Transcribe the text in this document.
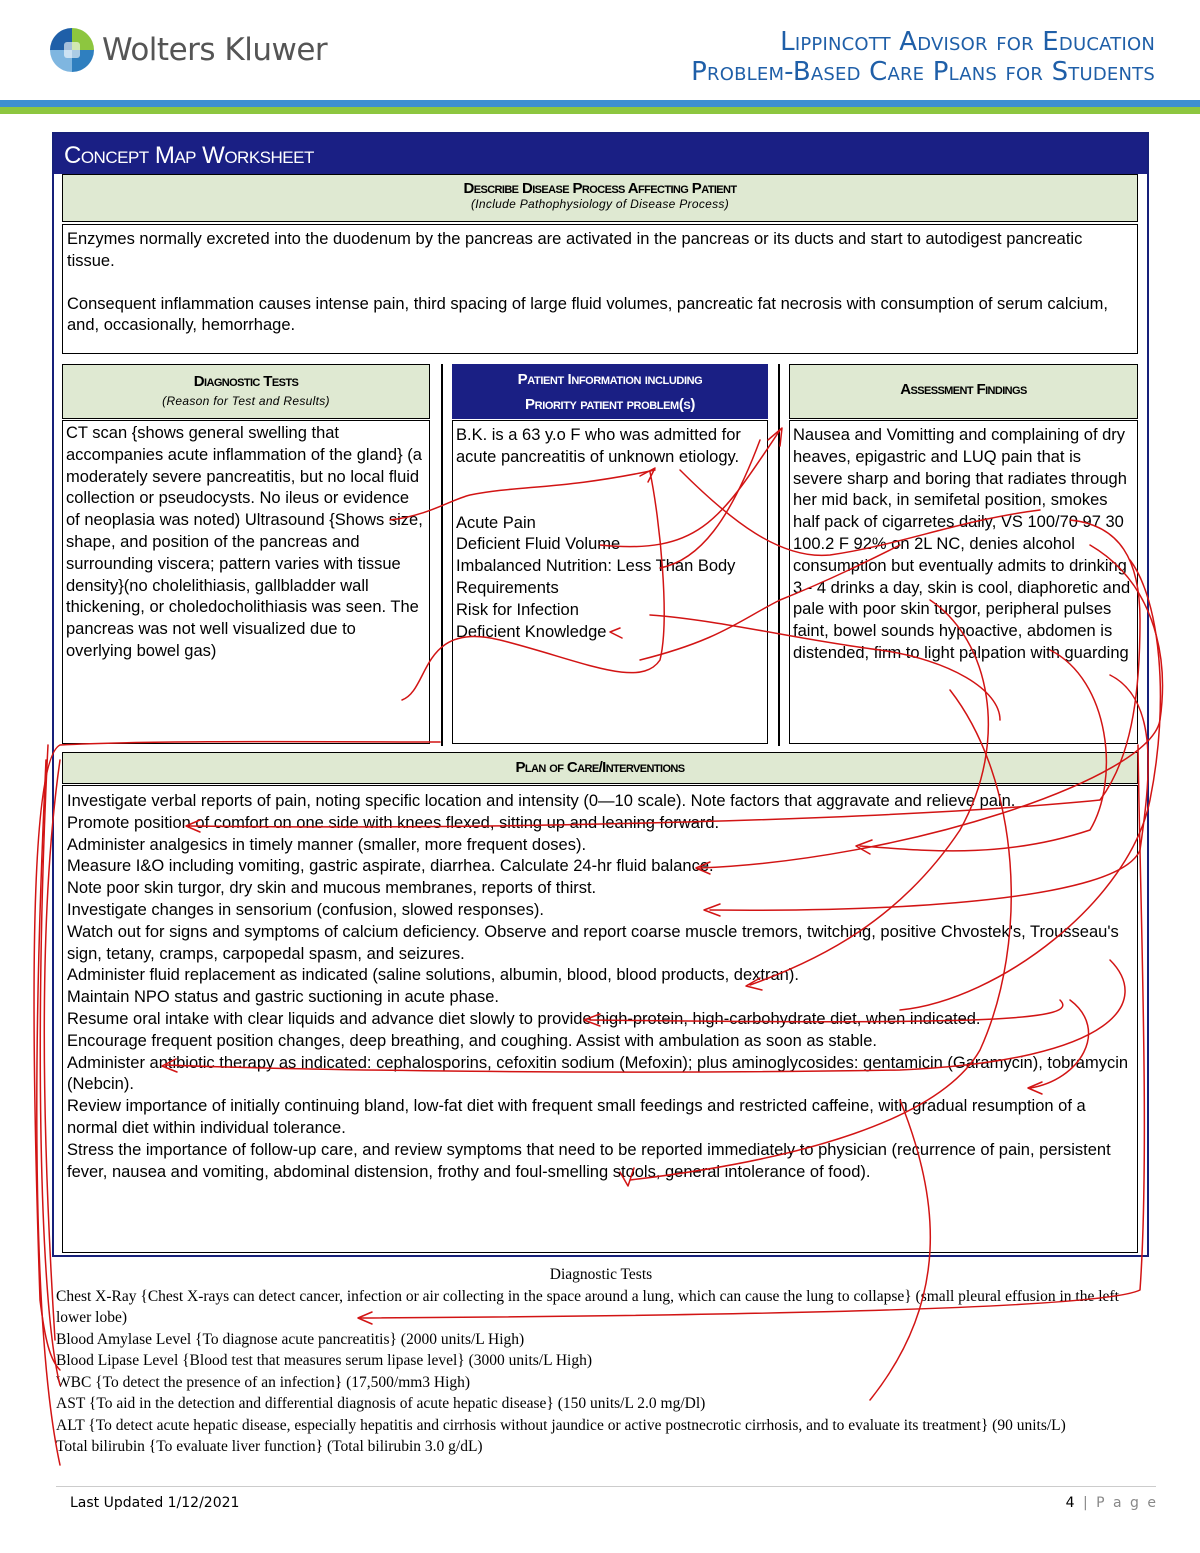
Wolters Kluwer	Lippincott Advisor for Education
Problem-Based Care Plans for Students
Concept Map Worksheet
Describe Disease Process Affecting Patient
(Include Pathophysiology of Disease Process)

Enzymes normally excreted into the duodenum by the pancreas are activated in the pancreas or its ducts and start to autodigest pancreatic tissue.

Consequent inflammation causes intense pain, third spacing of large fluid volumes, pancreatic fat necrosis with consumption of serum calcium, and, occasionally, hemorrhage.

Diagnostic Tests
(Reason for Test and Results)
CT scan {shows general swelling that accompanies acute inflammation of the gland} (a moderately severe pancreatitis, but no local fluid collection or pseudocysts. No ileus or evidence of neoplasia was noted) Ultrasound {Shows size, shape, and position of the pancreas and surrounding viscera; pattern varies with tissue density}(no cholelithiasis, gallbladder wall thickening, or choledocholithiasis was seen. The pancreas was not well visualized due to overlying bowel gas)
Patient Information including
Priority patient problem(s)
B.K. is a 63 y.o F who was admitted for acute pancreatitis of unknown etiology.
Acute Pain
Deficient Fluid Volume
Imbalanced Nutrition: Less Than Body Requirements
Risk for Infection
Deficient Knowledge
Assessment Findings
Nausea and Vomitting and complaining of dry heaves, epigastric and LUQ pain that is severe sharp and boring that radiates through her mid back, in semifetal position, smokes half pack of cigarretes daily, VS 100/70 97 30 100.2 F 92% on 2L NC, denies alcohol consumption but eventually admits to drinking 3 - 4 drinks a day, skin is cool, diaphoretic and pale with poor skin turgor, peripheral pulses faint, bowel sounds hypoactive, abdomen is distended, firm to light palpation with guarding
Plan of Care/Interventions
Investigate verbal reports of pain, noting specific location and intensity (0—10 scale). Note factors that aggravate and relieve pain.
Promote position of comfort on one side with knees flexed, sitting up and leaning forward.
Administer analgesics in timely manner (smaller, more frequent doses).
Measure I&O including vomiting, gastric aspirate, diarrhea. Calculate 24-hr fluid balance.
Note poor skin turgor, dry skin and mucous membranes, reports of thirst.
Investigate changes in sensorium (confusion, slowed responses).
Watch out for signs and symptoms of calcium deficiency. Observe and report coarse muscle tremors, twitching, positive Chvostek's, Trousseau's sign, tetany, cramps, carpopedal spasm, and seizures.
Administer fluid replacement as indicated (saline solutions, albumin, blood, blood products, dextran).
Maintain NPO status and gastric suctioning in acute phase.
Resume oral intake with clear liquids and advance diet slowly to provide high-protein, high-carbohydrate diet, when indicated.
Encourage frequent position changes, deep breathing, and coughing. Assist with ambulation as soon as stable.
Administer antibiotic therapy as indicated: cephalosporins, cefoxitin sodium (Mefoxin); plus aminoglycosides: gentamicin (Garamycin), tobramycin (Nebcin).
Review importance of initially continuing bland, low-fat diet with frequent small feedings and restricted caffeine, with gradual resumption of a normal diet within individual tolerance.
Stress the importance of follow-up care, and review symptoms that need to be reported immediately to physician (recurrence of pain, persistent fever, nausea and vomiting, abdominal distension, frothy and foul-smelling stools, general intolerance of food).
Diagnostic Tests
Chest X-Ray {Chest X-rays can detect cancer, infection or air collecting in the space around a lung, which can cause the lung to collapse} (small pleural effusion in the left lower lobe)
Blood Amylase Level {To diagnose acute pancreatitis} (2000 units/L High)
Blood Lipase Level {Blood test that measures serum lipase level} (3000 units/L High)
WBC {To detect the presence of an infection} (17,500/mm3 High)
AST {To aid in the detection and differential diagnosis of acute hepatic disease} (150 units/L 2.0 mg/Dl)
ALT {To detect acute hepatic disease, especially hepatitis and cirrhosis without jaundice or active postnecrotic cirrhosis, and to evaluate its treatment} (90 units/L)
Total bilirubin {To evaluate liver function} (Total bilirubin 3.0 g/dL)
Last Updated 1/12/2021	4 | P a g e
